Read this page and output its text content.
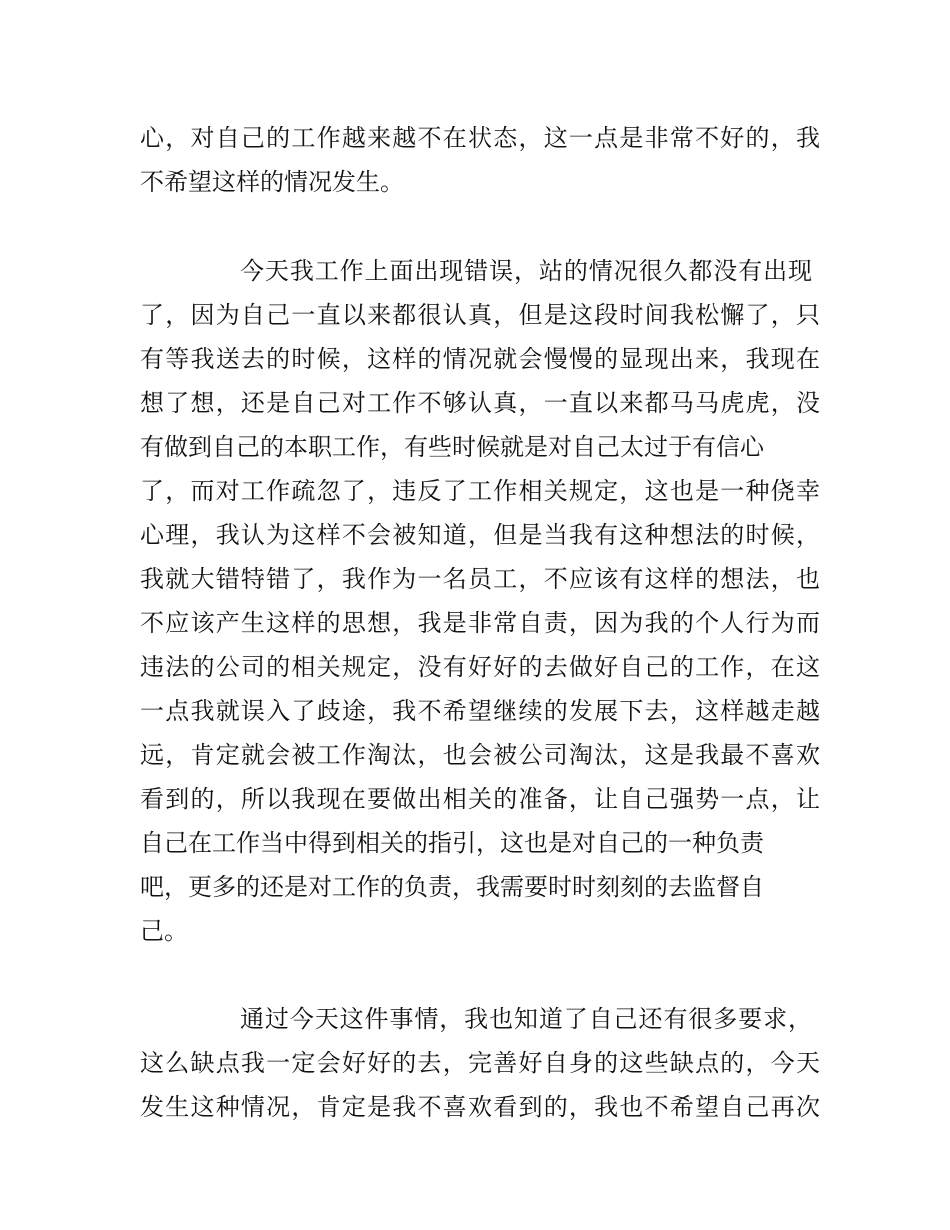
心，对自己的工作越来越不在状态，这一点是非常不好的，我
不希望这样的情况发生。
今天我工作上面出现错误，站的情况很久都没有出现
了，因为自己一直以来都很认真，但是这段时间我松懈了，只
有等我送去的时候，这样的情况就会慢慢的显现出来，我现在
想了想，还是自己对工作不够认真，一直以来都马马虎虎，没
有做到自己的本职工作，有些时候就是对自己太过于有信心
了，而对工作疏忽了，违反了工作相关规定，这也是一种侥幸
心理，我认为这样不会被知道，但是当我有这种想法的时候，
我就大错特错了，我作为一名员工，不应该有这样的想法，也
不应该产生这样的思想，我是非常自责，因为我的个人行为而
违法的公司的相关规定，没有好好的去做好自己的工作，在这
一点我就误入了歧途，我不希望继续的发展下去，这样越走越
远，肯定就会被工作淘汰，也会被公司淘汰，这是我最不喜欢
看到的，所以我现在要做出相关的准备，让自己强势一点，让
自己在工作当中得到相关的指引，这也是对自己的一种负责
吧，更多的还是对工作的负责，我需要时时刻刻的去监督自
己。
通过今天这件事情，我也知道了自己还有很多要求，
这么缺点我一定会好好的去，完善好自身的这些缺点的，今天
发生这种情况，肯定是我不喜欢看到的，我也不希望自己再次
